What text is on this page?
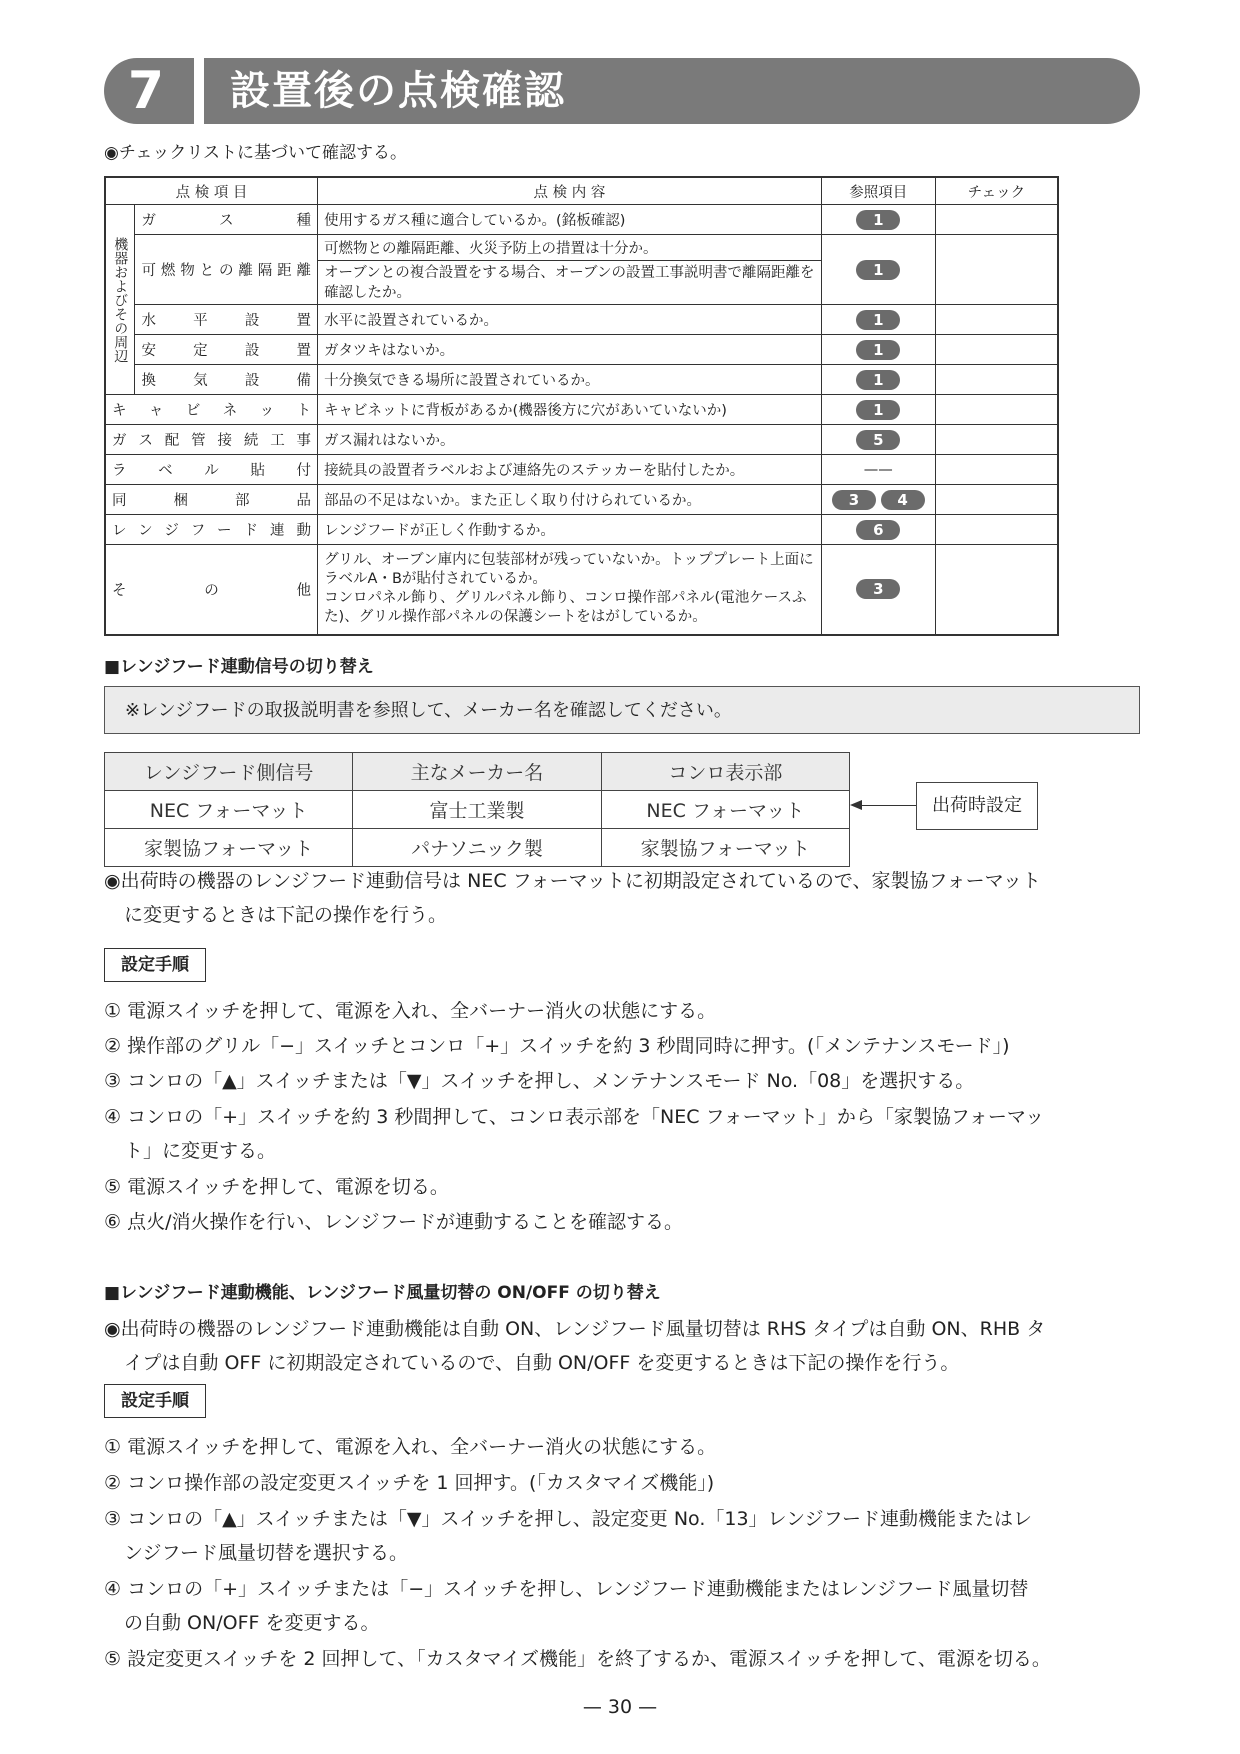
7	設置後の点検確認
◉チェックリストに基づいて確認する。
点 検 項 目		点 検 内 容	参照項目	チェック
機器およびその周辺	ガス種	使用するガス種に適合しているか。(銘板確認)	1	
	可燃物との離隔距離	可燃物との離隔距離、火災予防上の措置は十分か。	1	
		オーブンとの複合設置をする場合、オーブンの設置工事説明書で離隔距離を確認したか。		
	水平設置	水平に設置されているか。	1	
	安定設置	ガタツキはないか。	1	
	換気設備	十分換気できる場所に設置されているか。	1	
キャビネット		キャビネットに背板があるか(機器後方に穴があいていないか)	1	
ガス配管接続工事		ガス漏れはないか。	5	
ラベル貼付		接続具の設置者ラベルおよび連絡先のステッカーを貼付したか。	——	
同梱部品		部品の不足はないか。また正しく取り付けられているか。	3 4	
レンジフード連動		レンジフードが正しく作動するか。	6	
その他		グリル、オーブン庫内に包装部材が残っていないか。トッププレート上面にラベルA・Bが貼付されているか。
コンロパネル飾り、グリルパネル飾り、コンロ操作部パネル(電池ケースふた)、グリル操作部パネルの保護シートをはがしているか。	3	
■レンジフード連動信号の切り替え
※レンジフードの取扱説明書を参照して、メーカー名を確認してください。
レンジフード側信号	主なメーカー名	コンロ表示部
NEC フォーマット	富士工業製	NEC フォーマット
家製協フォーマット	パナソニック製	家製協フォーマット
出荷時設定
◉出荷時の機器のレンジフード連動信号は NEC フォーマットに初期設定されているので、家製協フォーマット
に変更するときは下記の操作を行う。
設定手順
① 電源スイッチを押して、電源を入れ、全バーナー消火の状態にする。
② 操作部のグリル「−」スイッチとコンロ「+」スイッチを約 3 秒間同時に押す。(「メンテナンスモード」)
③ コンロの「▲」スイッチまたは「▼」スイッチを押し、メンテナンスモード No.「08」を選択する。
④ コンロの「+」スイッチを約 3 秒間押して、コンロ表示部を「NEC フォーマット」から「家製協フォーマッ
ト」に変更する。
⑤ 電源スイッチを押して、電源を切る。
⑥ 点火/消火操作を行い、レンジフードが連動することを確認する。
■レンジフード連動機能、レンジフード風量切替の ON/OFF の切り替え
◉出荷時の機器のレンジフード連動機能は自動 ON、レンジフード風量切替は RHS タイプは自動 ON、RHB タ
イプは自動 OFF に初期設定されているので、自動 ON/OFF を変更するときは下記の操作を行う。
設定手順
① 電源スイッチを押して、電源を入れ、全バーナー消火の状態にする。
② コンロ操作部の設定変更スイッチを 1 回押す。(「カスタマイズ機能」)
③ コンロの「▲」スイッチまたは「▼」スイッチを押し、設定変更 No.「13」レンジフード連動機能またはレ
ンジフード風量切替を選択する。
④ コンロの「+」スイッチまたは「−」スイッチを押し、レンジフード連動機能またはレンジフード風量切替
の自動 ON/OFF を変更する。
⑤ 設定変更スイッチを 2 回押して、「カスタマイズ機能」を終了するか、電源スイッチを押して、電源を切る。
— 30 —
